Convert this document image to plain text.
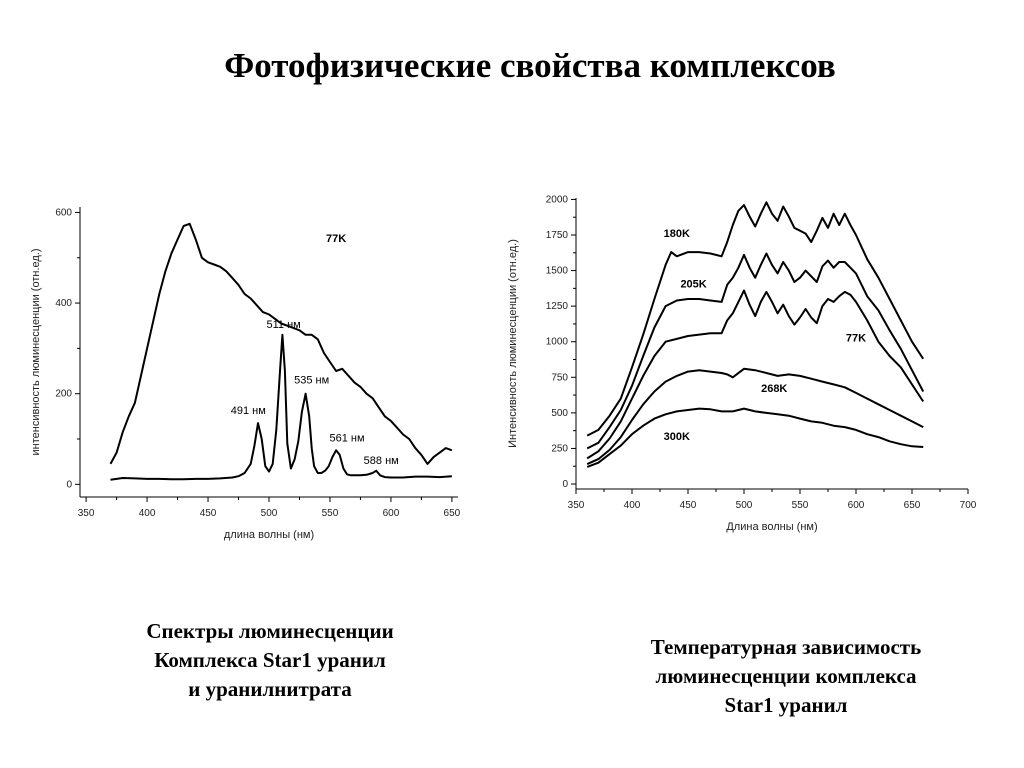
Фотофизические свойства комплексов
350	400	450	500	550	600	650
0
200
400
600
длина волны (нм)
интенсивность люминесценции (отн.ед.)
77K
511 нм
491 нм
535 нм
561 нм
588 нм
350	400	450	500	550	600	650	700
0
250
500
750
1000
1250
1500
1750
2000
Длина волны (нм)
Интенсивность люминесценции (отн.ед.)
180K
205K
77K
268K
300K
Спектры люминесценции
Комплекса Star1 уранил
и уранилнитрата
Температурная зависимость
люминесценции комплекса
Star1 уранил
